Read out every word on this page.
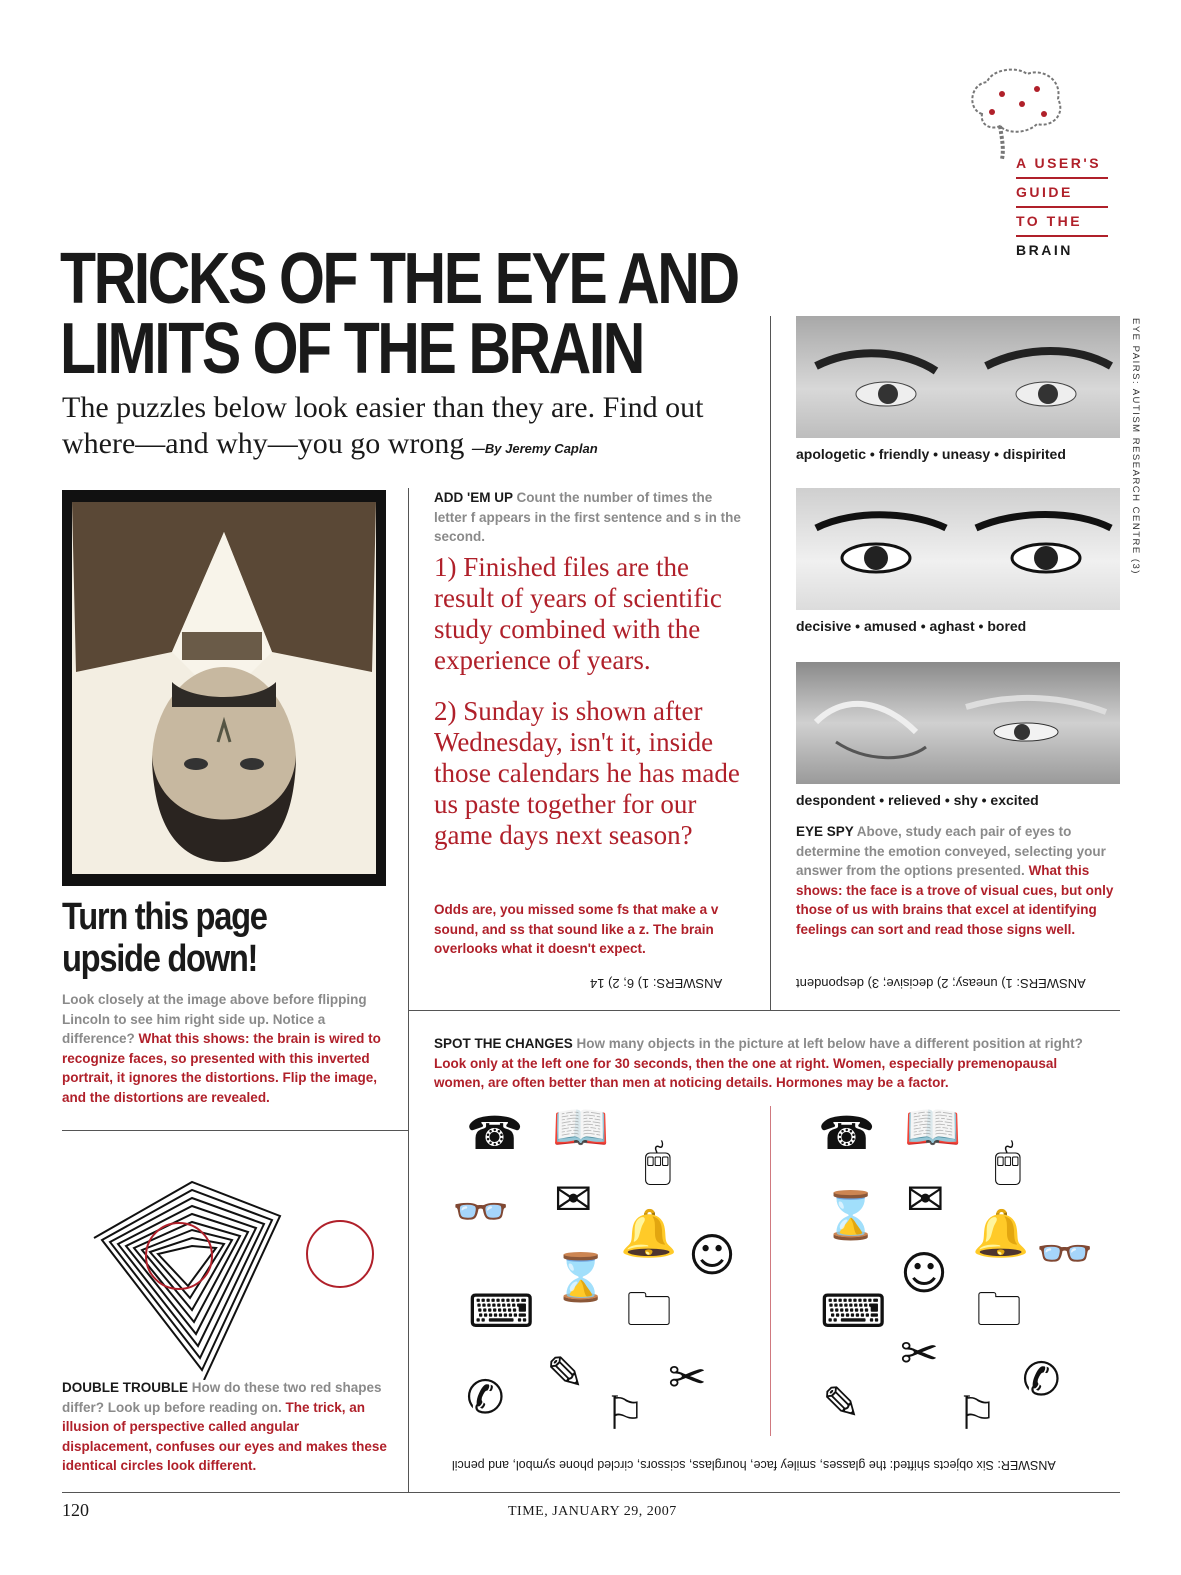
A USER'S
GUIDE
TO THE
BRAIN
TRICKS OF THE EYE AND
LIMITS OF THE BRAIN
The puzzles below look easier than they are. Find out where—and why—you go wrong —By Jeremy Caplan	EYE PAIRS: AUTISM RESEARCH CENTRE (3)
Turn this page upside down!
Look closely at the image above before flipping Lincoln to see him right side up. Notice a difference? What this shows: the brain is wired to recognize faces, so presented with this inverted portrait, it ignores the distortions. Flip the image, and the distortions are revealed.
ADD 'EM UP Count the number of times the letter f appears in the first sentence and s in the second.
1) Finished files are the result of years of scientific study combined with the experience of years.
2) Sunday is shown after Wednesday, isn't it, inside those calendars he has made us paste together for our game days next season?
Odds are, you missed some fs that make a v sound, and ss that sound like a z. The brain overlooks what it doesn't expect.
ANSWERS: 1) 6; 2) 14
apologetic • friendly • uneasy • dispirited
decisive • amused • aghast • bored
despondent • relieved • shy • excited
EYE SPY Above, study each pair of eyes to determine the emotion conveyed, selecting your answer from the options presented. What this shows: the face is a trove of visual cues, but only those of us with brains that excel at identifying feelings can sort and read those signs well.
ANSWERS: 1) uneasy; 2) decisive; 3) despondent
SPOT THE CHANGES How many objects in the picture at left below have a different position at right? Look only at the left one for 30 seconds, then the one at right. Women, especially premenopausal women, are often better than men at noticing details. Hormones may be a factor.
☎ 📖
🖱
👓 ✉
🔔 ☺
⌛
⌨ 🗀
✎ ✂
✆ ⚐
☎ 📖
🖱
⌛ ✉
🔔 👓
☺
⌨ 🗀
✂ ✆
✎ ⚐
ANSWER: Six objects shifted: the glasses, smiley face, hourglass, scissors, circled phone symbol, and pencil
DOUBLE TROUBLE How do these two red shapes differ? Look up before reading on. The trick, an illusion of perspective called angular displacement, confuses our eyes and makes these identical circles look different.
120	TIME, JANUARY 29, 2007
